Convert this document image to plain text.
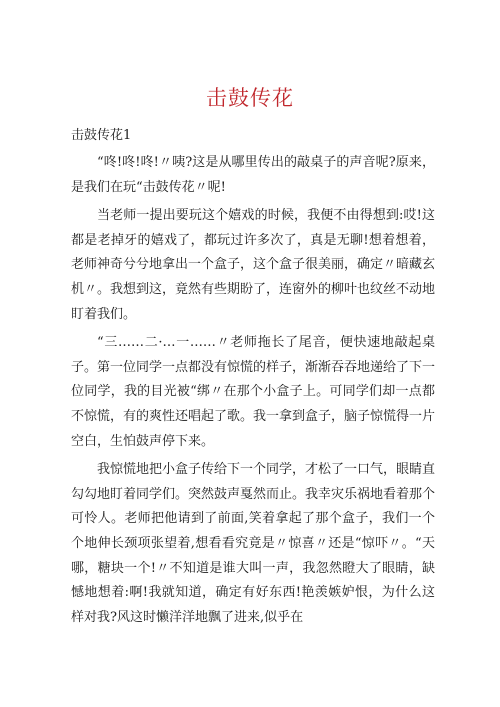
击鼓传花
击鼓传花1

“咚!咚!咚!〃咦?这是从哪里传出的敲桌子的声音呢?原来，是我们在玩“击鼓传花〃呢!

当老师一提出要玩这个嬉戏的时候，我便不由得想到:哎!这都是老掉牙的嬉戏了，都玩过许多次了，真是无聊!想着想着，老师神奇兮兮地拿出一个盒子，这个盒子很美丽，确定〃暗藏玄机〃。我想到这，竟然有些期盼了，连窗外的柳叶也纹丝不动地盯着我们。

“三……二·…一……〃老师拖长了尾音，便快速地敲起桌子。第一位同学一点都没有惊慌的样子，渐渐吞吞地递给了下一位同学，我的目光被“绑〃在那个小盒子上。可同学们却一点都不惊慌，有的爽性还唱起了歌。我一拿到盒子，脑子惊慌得一片空白，生怕鼓声停下来。

我惊慌地把小盒子传给下一个同学，才松了一口气，眼睛直勾勾地盯着同学们。突然鼓声戛然而止。我幸灾乐祸地看着那个可怜人。老师把他请到了前面,笑着拿起了那个盒子，我们一个个地伸长颈项张望着,想看看究竟是〃惊喜〃还是“惊吓〃。“天哪，糖块一个!〃不知道是谁大叫一声，我忽然瞪大了眼睛，缺憾地想着:啊!我就知道，确定有好东西!艳羡嫉妒恨，为什么这样对我?风这时懒洋洋地飘了进来,似乎在
